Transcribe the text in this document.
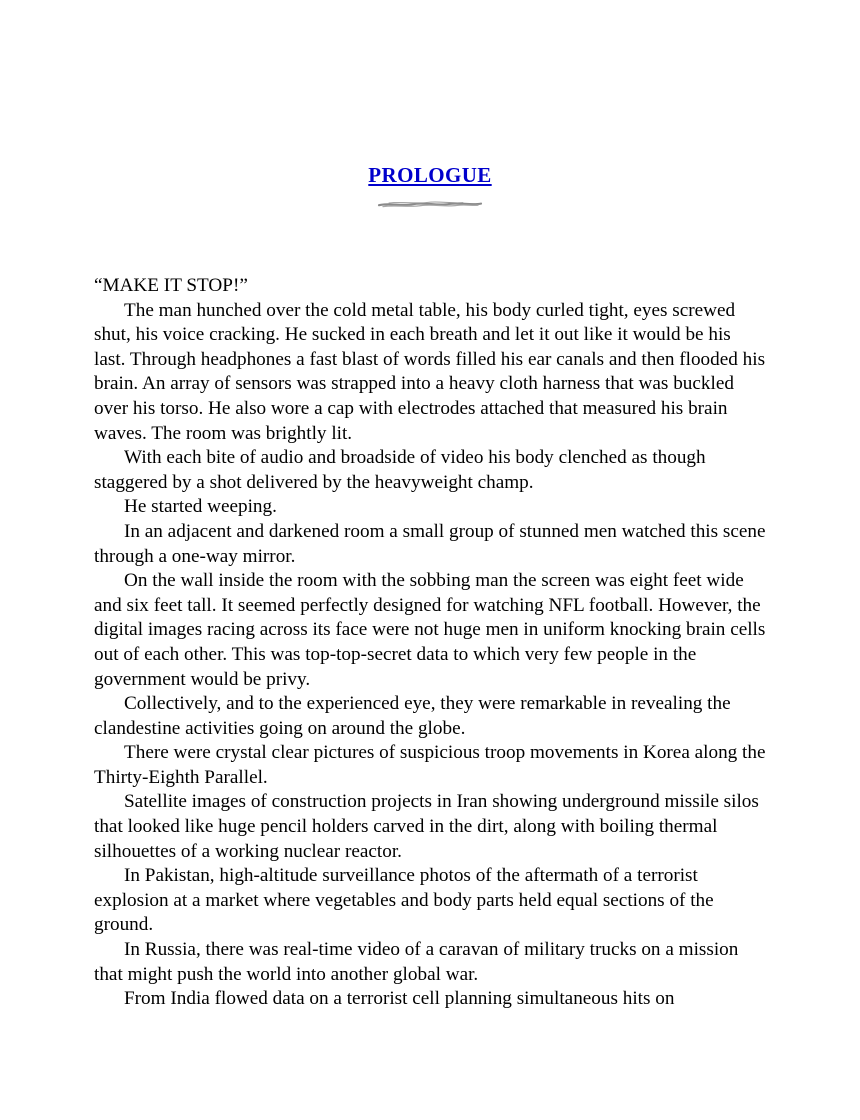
PROLOGUE

“MAKE IT STOP!”

The man hunched over the cold metal table, his body curled tight, eyes screwed shut, his voice cracking. He sucked in each breath and let it out like it would be his last. Through headphones a fast blast of words filled his ear canals and then flooded his brain. An array of sensors was strapped into a heavy cloth harness that was buckled over his torso. He also wore a cap with electrodes attached that measured his brain waves. The room was brightly lit.

With each bite of audio and broadside of video his body clenched as though staggered by a shot delivered by the heavyweight champ.

He started weeping.

In an adjacent and darkened room a small group of stunned men watched this scene through a one-way mirror.

On the wall inside the room with the sobbing man the screen was eight feet wide and six feet tall. It seemed perfectly designed for watching NFL football. However, the digital images racing across its face were not huge men in uniform knocking brain cells out of each other. This was top-top-secret data to which very few people in the government would be privy.

Collectively, and to the experienced eye, they were remarkable in revealing the clandestine activities going on around the globe.

There were crystal clear pictures of suspicious troop movements in Korea along the Thirty-Eighth Parallel.

Satellite images of construction projects in Iran showing underground missile silos that looked like huge pencil holders carved in the dirt, along with boiling thermal silhouettes of a working nuclear reactor.

In Pakistan, high-altitude surveillance photos of the aftermath of a terrorist explosion at a market where vegetables and body parts held equal sections of the ground.

In Russia, there was real-time video of a caravan of military trucks on a mission that might push the world into another global war.

From India flowed data on a terrorist cell planning simultaneous hits on
